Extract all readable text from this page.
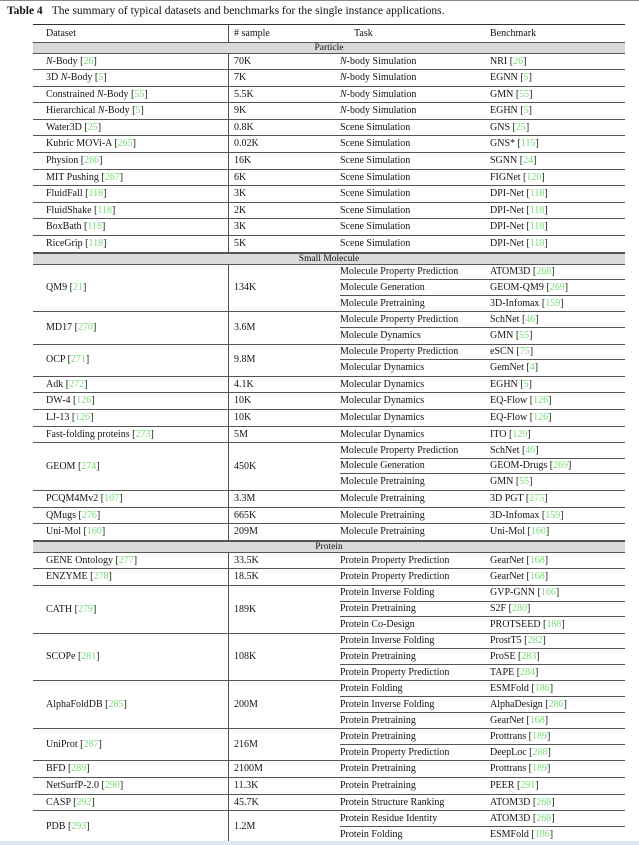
Table 4 The summary of typical datasets and benchmarks for the single instance applications.
Dataset	# sample	Task	Benchmark
Particle
N-Body [26]	70K	N -body Simulation	NRI [26]
3D N-Body [5]	7K	N -body Simulation	EGNN [5]
Constrained N-Body [55]	5.5K	N -body Simulation	GMN [55]
Hierarchical N-Body [5]	9K	N -body Simulation	EGHN [5]
Water3D [25]	0.8K	Scene Simulation	GNS [25]
Kubric MOVi-A [265]	0.02K	Scene Simulation	GNS* [115]
Physion [266]	16K	Scene Simulation	SGNN [24]
MIT Pushing [267]	6K	Scene Simulation	FIGNet [120]
FluidFall [118]	3K	Scene Simulation	DPI-Net [118]
FluidShake [118]	2K	Scene Simulation	DPI-Net [118]
BoxBath [118]	3K	Scene Simulation	DPI-Net [118]
RiceGrip [118]	5K	Scene Simulation	DPI-Net [118]
Small Molecule
QM9 [21]	134K
Molecule Property Prediction	ATOM3D [268]
Molecule Generation	GEOM-QM9 [269]
Molecule Pretraining	3D-Infomax [159]
MD17 [270]	3.6M
Molecule Property Prediction	SchNet [46]
Molecule Dynamics	GMN [55]
OCP [271]	9.8M
Molecule Property Prediction	eSCN [75]
Molecular Dynamics	GemNet [4]
Adk [272]	4.1K	Molecular Dynamics	EGHN [5]
DW-4 [126]	10K	Molecular Dynamics	EQ-Flow [126]
LJ-13 [126]	10K	Molecular Dynamics	EQ-Flow [126]
Fast-folding proteins [273]	5M	Molecular Dynamics	ITO [129]
GEOM [274]	450K
Molecule Property Prediction	SchNet [46]
Molecule Generation	GEOM-Drugs [269]
Molecule Pretraining	GMN [55]
PCQM4Mv2 [107]	3.3M	Molecule Pretraining	3D PGT [275]
QMugs [276]	665K	Molecule Pretraining	3D-Infomax [159]
Uni-Mol [160]	209M	Molecule Pretraining	Uni-Mol [160]
Protein
GENE Ontology [277]	33.5K	Protein Property Prediction	GearNet [168]
ENZYME [278]	18.5K	Protein Property Prediction	GearNet [168]
CATH [279]	189K
Protein Inverse Folding	GVP-GNN [166]
Protein Pretraining	S2F [280]
Protein Co-Design	PROTSEED [188]
SCOPe [281]	108K
Protein Inverse Folding	ProstT5 [282]
Protein Pretraining	ProSE [283]
Protein Property Prediction	TAPE [284]
AlphaFoldDB [285]	200M
Protein Folding	ESMFold [186]
Protein Inverse Folding	AlphaDesign [286]
Protein Pretraining	GearNet [168]
UniProt [287]	216M
Protein Pretraining	Prottrans [189]
Protein Property Prediction	DeepLoc [288]
BFD [289]	2100M	Protein Pretraining	Prottrans [189]
NetSurfP-2.0 [290]	11.3K	Protein Pretraining	PEER [291]
CASP [292]	45.7K	Protein Structure Ranking	ATOM3D [268]
PDB [293]	1.2M
Protein Residue Identity	ATOM3D [268]
Protein Folding	ESMFold [186]
